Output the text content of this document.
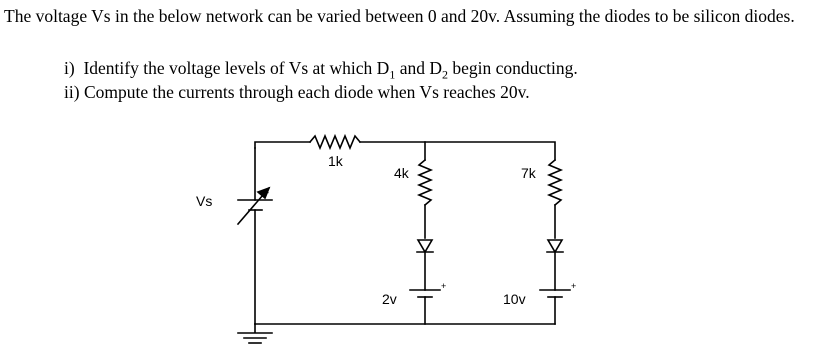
The voltage Vs in the below network can be varied between 0 and 20v. Assuming the diodes to be silicon diodes.
i) Identify the voltage levels of Vs at which $D_1$ and $D_2$ begin conducting.
ii) Compute the currents through each diode when Vs reaches 20v.
Vs	+
1k
4k	7k
2v
+
10v
+
